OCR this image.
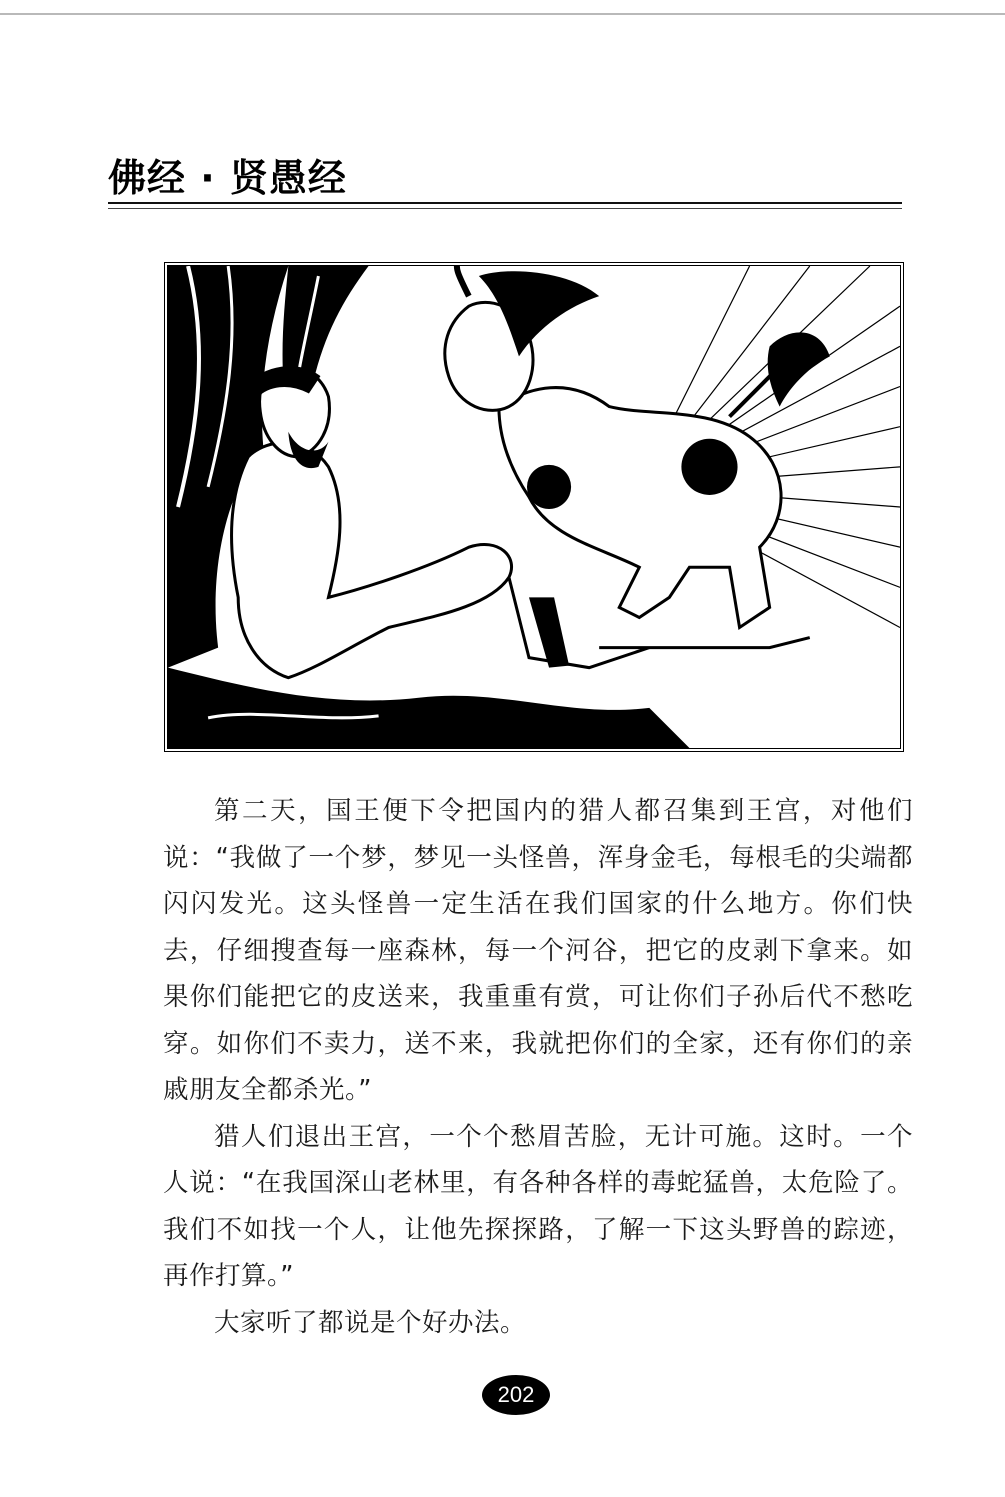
佛经 · 贤愚经

第二天，国王便下令把国内的猎人都召集到王宫，对他们说：“我做了一个梦，梦见一头怪兽，浑身金毛，每根毛的尖端都闪闪发光。这头怪兽一定生活在我们国家的什么地方。你们快去，仔细搜查每一座森林，每一个河谷，把它的皮剥下拿来。如果你们能把它的皮送来，我重重有赏，可让你们子孙后代不愁吃穿。如你们不卖力，送不来，我就把你们的全家，还有你们的亲戚朋友全都杀光。”

猎人们退出王宫，一个个愁眉苦脸，无计可施。这时。一个人说：“在我国深山老林里，有各种各样的毒蛇猛兽，太危险了。我们不如找一个人，让他先探探路，了解一下这头野兽的踪迹，再作打算。”

大家听了都说是个好办法。

202
